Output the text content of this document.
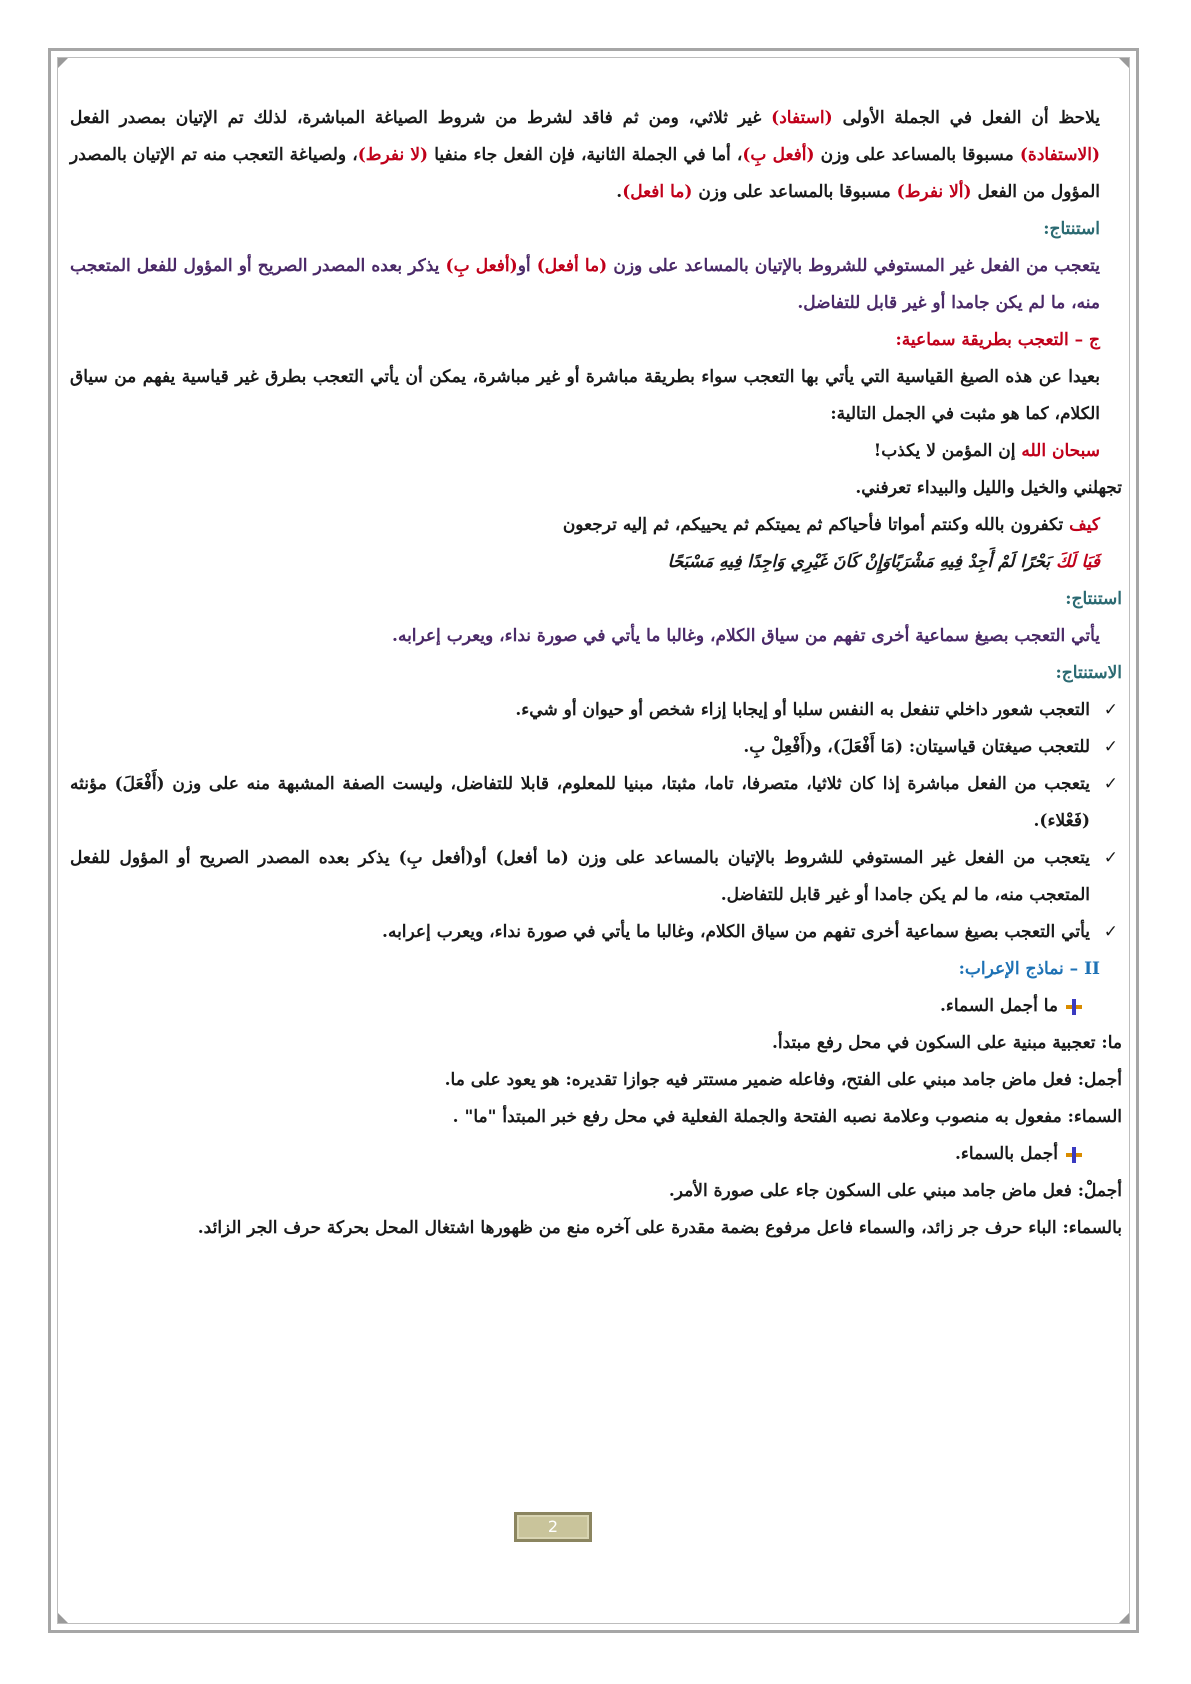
يلاحظ أن الفعل في الجملة الأولى (استفاد) غير ثلاثي، ومن ثم فاقد لشرط من شروط الصياغة المباشرة، لذلك تم الإتيان بمصدر الفعل (الاستفادة) مسبوقا بالمساعد على وزن (أفعل بِ)، أما في الجملة الثانية، فإن الفعل جاء منفيا (لا نفرط)، ولصياغة التعجب منه تم الإتيان بالمصدر المؤول من الفعل (ألا نفرط) مسبوقا بالمساعد على وزن (ما افعل).

استنتاج:

يتعجب من الفعل غير المستوفي للشروط بالإتيان بالمساعد على وزن (ما أفعل) أو(أفعل بِ) يذكر بعده المصدر الصريح أو المؤول للفعل المتعجب منه، ما لم يكن جامدا أو غير قابل للتفاضل.

ج – التعجب بطريقة سماعية:

بعيدا عن هذه الصيغ القياسية التي يأتي بها التعجب سواء بطريقة مباشرة أو غير مباشرة، يمكن أن يأتي التعجب بطرق غير قياسية يفهم من سياق الكلام، كما هو مثبت في الجمل التالية:

سبحان الله إن المؤمن لا يكذب!

تجهلني والخيل والليل والبيداء تعرفني.

كيف تكفرون بالله وكنتم أمواتا فأحياكم ثم يميتكم ثم يحييكم، ثم إليه ترجعون

فَيَا لَكَ بَحْرًا لَمْ أَجِدْ فِيهِ مَشْرَبًاوَإِنْ كَانَ غَيْرِي وَاجِدًا فِيهِ مَسْبَحًا

استنتاج:

يأتي التعجب بصيغ سماعية أخرى تفهم من سياق الكلام، وغالبا ما يأتي في صورة نداء، ويعرب إعرابه.

الاستنتاج:

✓
التعجب شعور داخلي تنفعل به النفس سلبا أو إيجابا إزاء شخص أو حيوان أو شيء.
✓
للتعجب صيغتان قياسيتان: (مَا أَفْعَلَ)، و(أَفْعِلْ بِ.
✓
يتعجب من الفعل مباشرة إذا كان ثلاثيا، متصرفا، تاما، مثبتا، مبنيا للمعلوم، قابلا للتفاضل، وليست الصفة المشبهة منه على وزن (أَفْعَلَ) مؤنثه (فَعْلاء).
✓
يتعجب من الفعل غير المستوفي للشروط بالإتيان بالمساعد على وزن (ما أفعل) أو(أفعل بِ) يذكر بعده المصدر الصريح أو المؤول للفعل المتعجب منه، ما لم يكن جامدا أو غير قابل للتفاضل.
✓
يأتي التعجب بصيغ سماعية أخرى تفهم من سياق الكلام، وغالبا ما يأتي في صورة نداء، ويعرب إعرابه.

II – نماذج الإعراب:

ما أجمل السماء.

ما: تعجبية مبنية على السكون في محل رفع مبتدأ.

أجمل: فعل ماض جامد مبني على الفتح، وفاعله ضمير مستتر فيه جوازا تقديره: هو يعود على ما.

السماء: مفعول به منصوب وعلامة نصبه الفتحة والجملة الفعلية في محل رفع خبر المبتدأ "ما" .

أجمل بالسماء.

أجملْ: فعل ماض جامد مبني على السكون جاء على صورة الأمر.

بالسماء: الباء حرف جر زائد، والسماء فاعل مرفوع بضمة مقدرة على آخره منع من ظهورها اشتغال المحل بحركة حرف الجر الزائد.

2
